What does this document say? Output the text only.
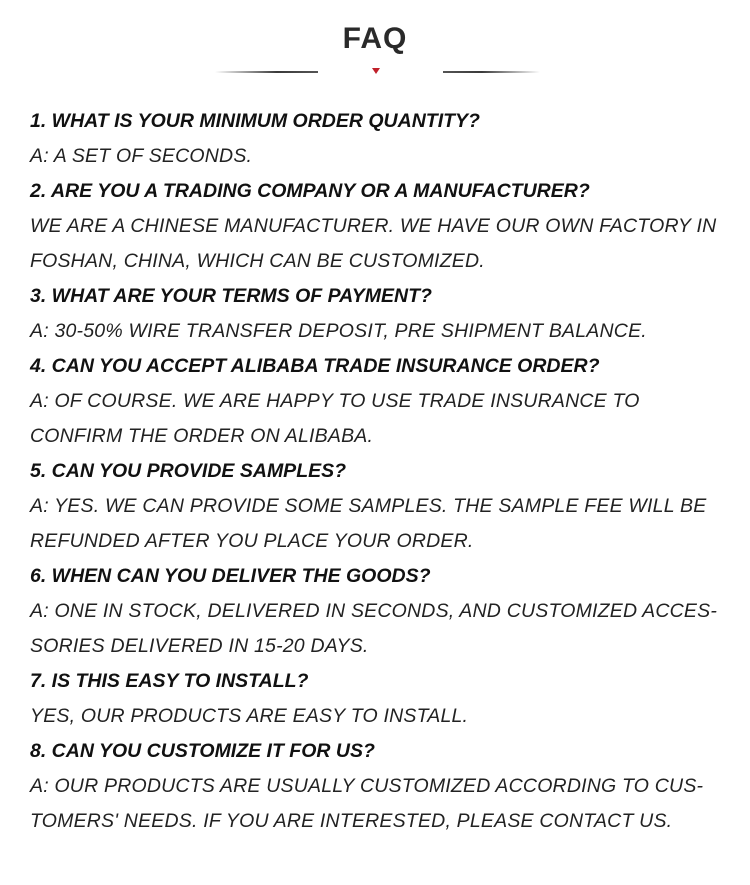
FAQ
1. WHAT IS YOUR MINIMUM ORDER QUANTITY?
A: A SET OF SECONDS.
2. ARE YOU A TRADING COMPANY OR A MANUFACTURER?
WE ARE A CHINESE MANUFACTURER. WE HAVE OUR OWN FACTORY IN
FOSHAN, CHINA, WHICH CAN BE CUSTOMIZED.
3. WHAT ARE YOUR TERMS OF PAYMENT?
A: 30-50% WIRE TRANSFER DEPOSIT, PRE SHIPMENT BALANCE.
4. CAN YOU ACCEPT ALIBABA TRADE INSURANCE ORDER?
A: OF COURSE. WE ARE HAPPY TO USE TRADE INSURANCE TO
CONFIRM THE ORDER ON ALIBABA.
5. CAN YOU PROVIDE SAMPLES?
A: YES. WE CAN PROVIDE SOME SAMPLES. THE SAMPLE FEE WILL BE
REFUNDED AFTER YOU PLACE YOUR ORDER.
6. WHEN CAN YOU DELIVER THE GOODS?
A: ONE IN STOCK, DELIVERED IN SECONDS, AND CUSTOMIZED ACCES-
SORIES DELIVERED IN 15-20 DAYS.
7. IS THIS EASY TO INSTALL?
YES, OUR PRODUCTS ARE EASY TO INSTALL.
8. CAN YOU CUSTOMIZE IT FOR US?
A: OUR PRODUCTS ARE USUALLY CUSTOMIZED ACCORDING TO CUS-
TOMERS' NEEDS. IF YOU ARE INTERESTED, PLEASE CONTACT US.
